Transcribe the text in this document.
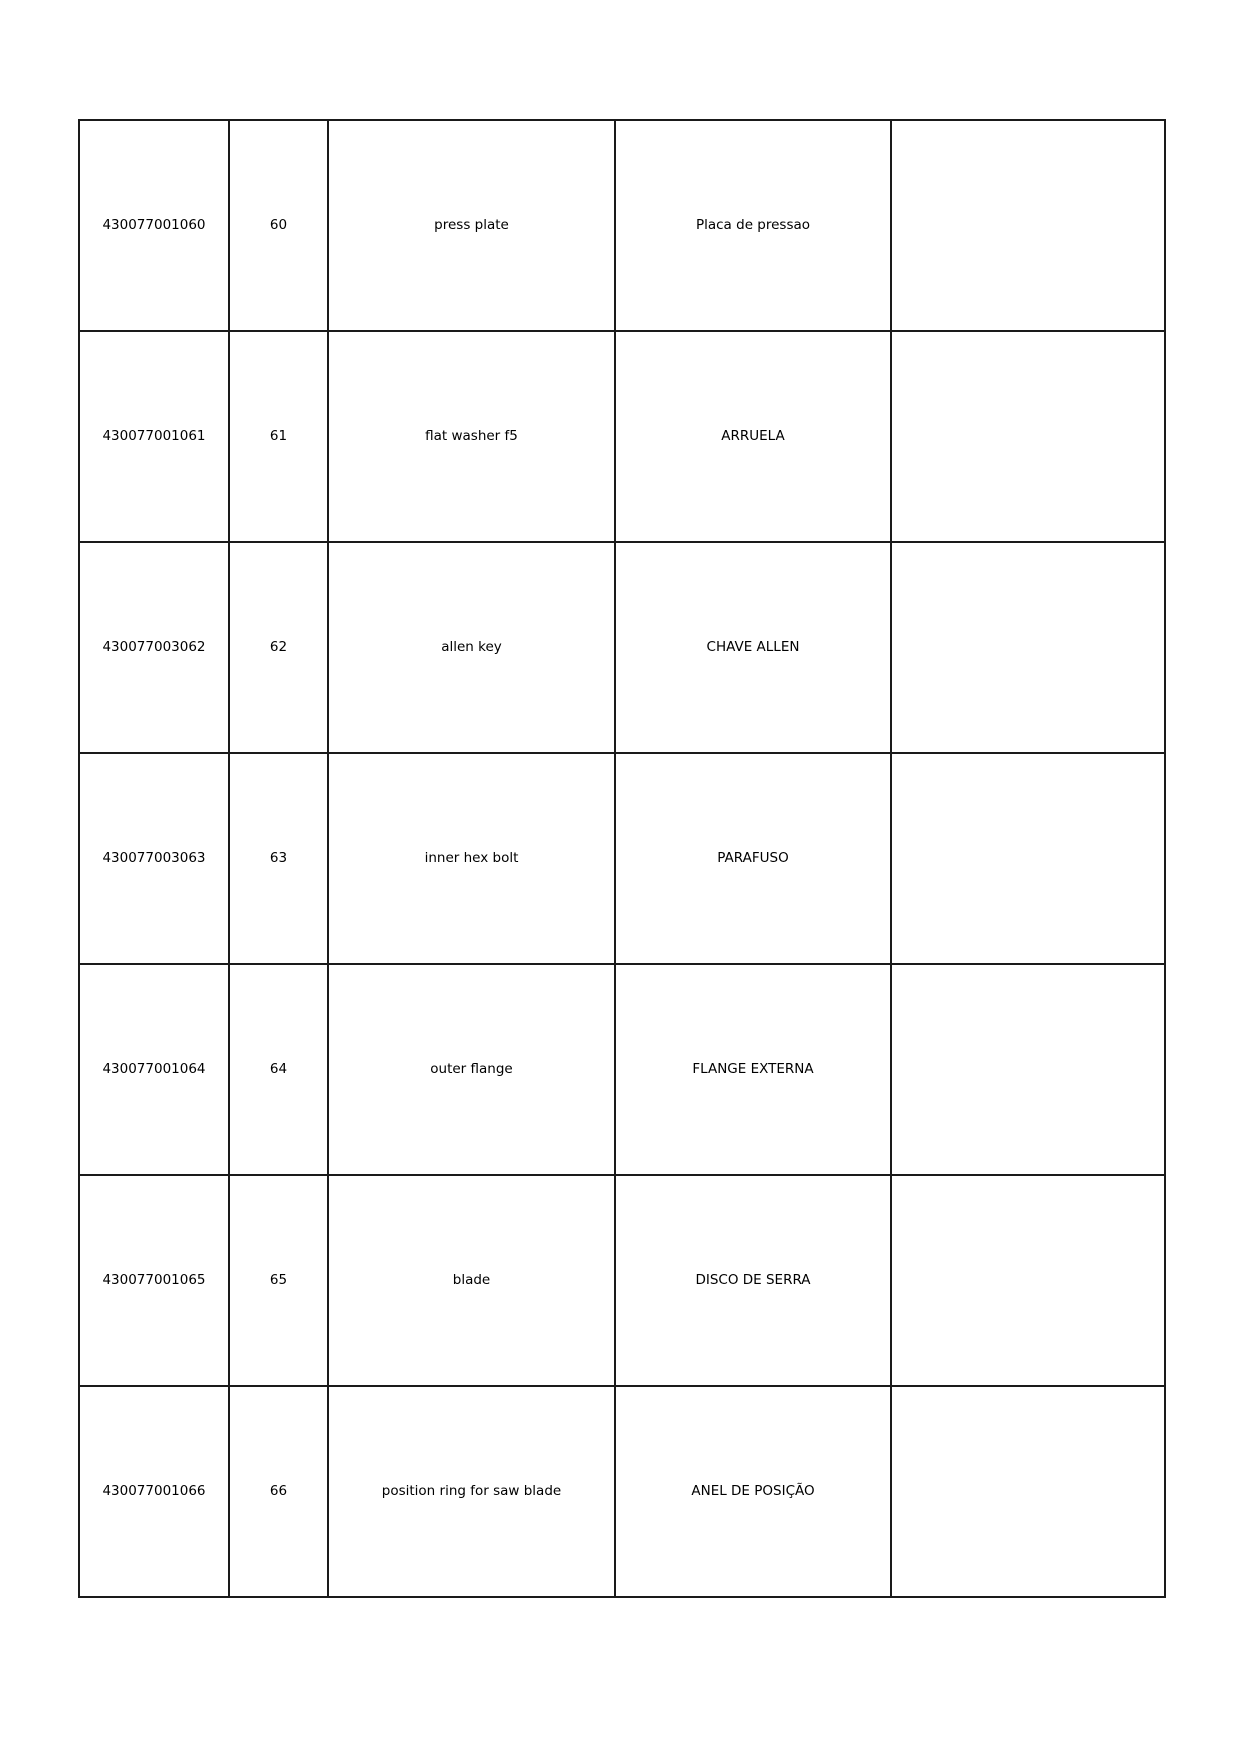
430077001060	60	press plate	Placa de pressao	
430077001061	61	flat washer f5	ARRUELA	
430077003062	62	allen key	CHAVE ALLEN	
430077003063	63	inner hex bolt	PARAFUSO	
430077001064	64	outer flange	FLANGE EXTERNA	
430077001065	65	blade	DISCO DE SERRA	
430077001066	66	position ring for saw blade	ANEL DE POSIÇÃO	
